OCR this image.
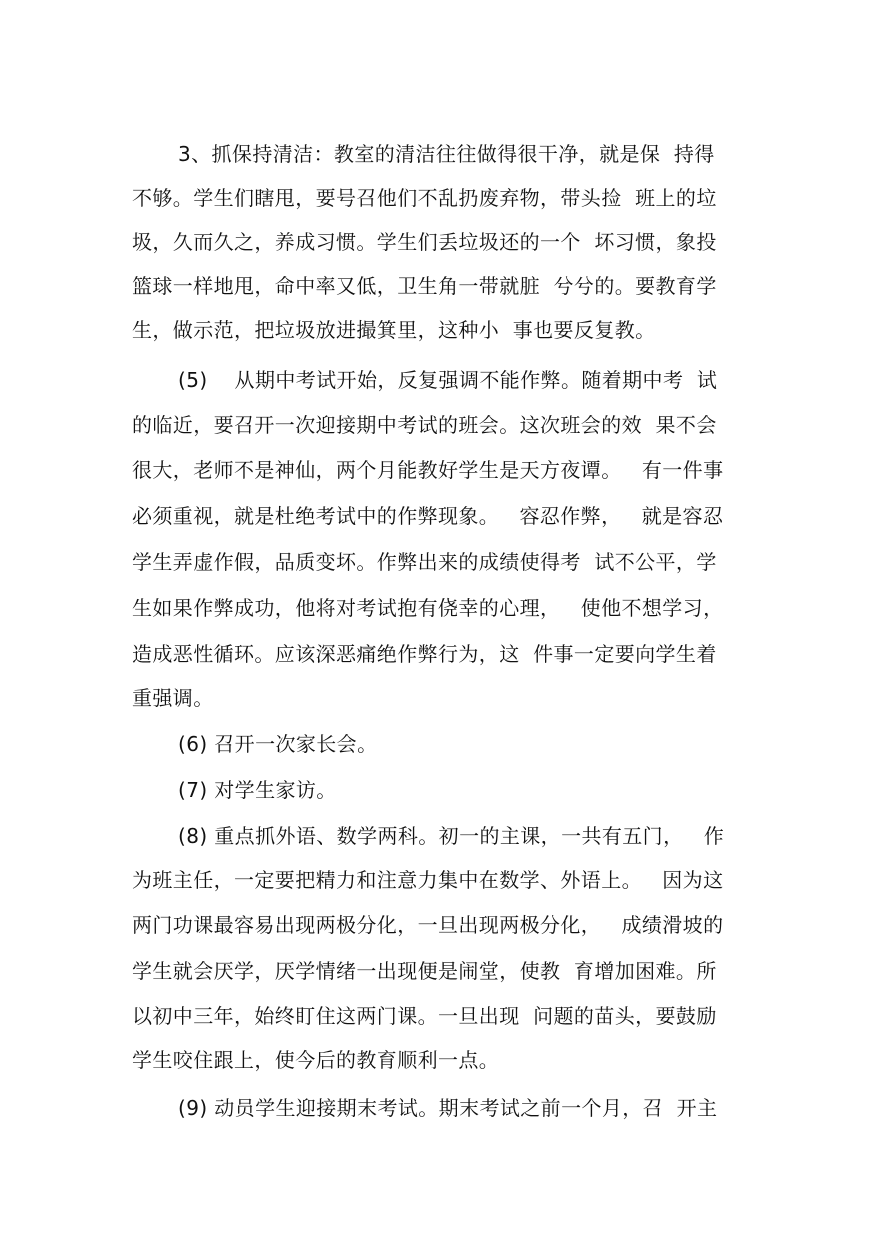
3、抓保持清洁：教室的清洁往往做得很干净，就是保  持得
不够。学生们瞎甩，要号召他们不乱扔废弃物，带头捡  班上的垃
圾，久而久之，养成习惯。学生们丢垃圾还的一个  坏习惯，象投
篮球一样地甩，命中率又低，卫生角一带就脏  兮兮的。要教育学
生，做示范，把垃圾放进撮箕里，这种小  事也要反复教。
(5)    从期中考试开始，反复强调不能作弊。随着期中考  试
的临近，要召开一次迎接期中考试的班会。这次班会的效  果不会
很大，老师不是神仙，两个月能教好学生是天方夜谭。   有一件事
必须重视，就是杜绝考试中的作弊现象。   容忍作弊，   就是容忍
学生弄虚作假，品质变坏。作弊出来的成绩使得考  试不公平，学
生如果作弊成功，他将对考试抱有侥幸的心理，   使他不想学习，
造成恶性循环。应该深恶痛绝作弊行为，这  件事一定要向学生着
重强调。
(6) 召开一次家长会。
(7) 对学生家访。
(8) 重点抓外语、数学两科。初一的主课，一共有五门，   作
为班主任，一定要把精力和注意力集中在数学、外语上。   因为这
两门功课最容易出现两极分化，一旦出现两极分化，   成绩滑坡的
学生就会厌学，厌学情绪一出现便是闹堂，使教  育增加困难。所
以初中三年，始终盯住这两门课。一旦出现  问题的苗头，要鼓励
学生咬住跟上，使今后的教育顺利一点。
(9) 动员学生迎接期末考试。期末考试之前一个月，召  开主
